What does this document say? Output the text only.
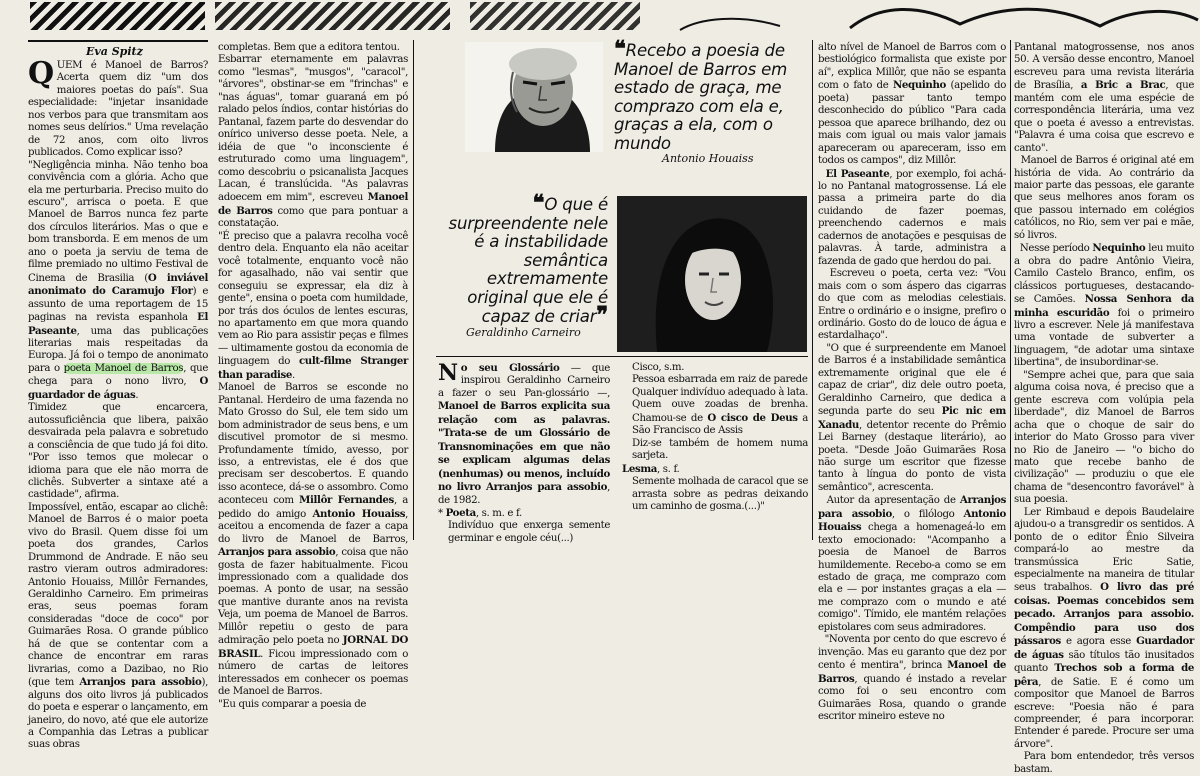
Eva Spitz

QUEM é Manoel de Barros? Acerta quem diz "um dos maiores poetas do país". Sua especialidade: "injetar insanidade nos verbos para que transmitam aos nomes seus delírios." Uma revelação de 72 anos, com oito livros publicados. Como explicar isso?

"Negligência minha. Não tenho boa convivência com a glória. Acho que ela me perturbaria. Preciso muito do escuro", arrisca o poeta. E que Manoel de Barros nunca fez parte dos círculos literários. Mas o que e bom transborda. E em menos de um ano o poeta ja serviu de tema de filme premiado no ultimo Festival de Cinema de Brasilia (O inviável anonimato do Caramujo Flor) e assunto de uma reportagem de 15 paginas na revista espanhola El Paseante, uma das publicações literarias mais respeitadas da Europa. Já foi o tempo de anonimato para o poeta Manoel de Barros, que chega para o nono livro, O guardador de águas.

Timidez que encarcera, autossuficiência que libera, paixão desvairada pela palavra e sobretudo a consciência de que tudo já foi dito. "Por isso temos que molecar o idioma para que ele não morra de clichês. Subverter a sintaxe até a castidade", afirma.

Impossível, então, escapar ao clichê: Manoel de Barros é o maior poeta vivo do Brasil. Quem disse foi um poeta dos grandes, Carlos Drummond de Andrade. E não seu rastro vieram outros admiradores: Antonio Houaiss, Millôr Fernandes, Geraldinho Carneiro. Em primeiras eras, seus poemas foram consideradas "doce de coco" por Guimarães Rosa. O grande público há de que se contentar com a chance de encontrar em raras livrarias, como a Dazibao, no Rio (que tem Arranjos para assobio), alguns dos oito livros já publicados do poeta e esperar o lançamento, em janeiro, do novo, até que ele autorize a Companhia das Letras a publicar suas obras

completas. Bem que a editora tentou.

Esbarrar eternamente em palavras como "lesmas", "musgos", "caracol", "árvores", obstinar-se em "frinchas" e "nas águas", tomar guaraná em pó ralado pelos índios, contar histórias do Pantanal, fazem parte do desvendar do onírico universo desse poeta. Nele, a idéia de que "o inconsciente é estruturado como uma linguagem", como descobriu o psicanalista Jacques Lacan, é translúcida. "As palavras adoecem em mim", escreveu Manoel de Barros como que para pontuar a constatação.

"É preciso que a palavra recolha você dentro dela. Enquanto ela não aceitar você totalmente, enquanto você não for agasalhado, não vai sentir que conseguiu se expressar, ela diz à gente", ensina o poeta com humildade, por trás dos óculos de lentes escuras, no apartamento em que mora quando vem ao Rio para assistir peças e filmes — ultimamente gostou da economia de linguagem do cult-filme Stranger than paradise.

Manoel de Barros se esconde no Pantanal. Herdeiro de uma fazenda no Mato Grosso do Sul, ele tem sido um bom administrador de seus bens, e um discutivel promotor de si mesmo. Profundamente tímido, avesso, por isso, a entrevistas, ele é dos que precisam ser descobertos. E quando isso acontece, dá-se o assombro. Como aconteceu com Millôr Fernandes, a pedido do amigo Antonio Houaiss, aceitou a encomenda de fazer a capa do livro de Manoel de Barros, Arranjos para assobio, coisa que não gosta de fazer habitualmente. Ficou impressionado com a qualidade dos poemas. A ponto de usar, na sessão que mantive durante anos na revista Veja, um poema de Manoel de Barros. Millôr repetiu o gesto de para admiração pelo poeta no JORNAL DO BRASIL. Ficou impressionado com o número de cartas de leitores interessados em conhecer os poemas de Manoel de Barros.

"Eu quis comparar a poesia de

❝Recebo a poesia de Manoel de Barros em estado de graça, me comprazo com ela e, graças a ela, com o mundo
Antonio Houaiss
❝O que é surpreendente nele é a instabilidade semântica extremamente original que ele é capaz de criar❞
Geraldinho Carneiro

No seu Glossário — que inspirou Geraldinho Carneiro a fazer o seu Pan-glossário —, Manoel de Barros explicita sua relação com as palavras. "Trata-se de um Glossário de Transnominações em que não se explicam algumas delas (nenhumas) ou menos, incluído no livro Arranjos para assobio, de 1982.

* Poeta, s. m. e f.

Indivíduo que enxerga semente germinar e engole céu(...)

Cisco, s.m.

Pessoa esbarrada em raiz de parede

Qualquer indivíduo adequado à lata.

Quem ouve zoadas de brenha. Chamou-se de O cisco de Deus a São Francisco de Assis

Diz-se também de homem numa sarjeta.

Lesma, s. f.

Semente molhada de caracol que se arrasta sobre as pedras deixando um caminho de gosma.(...)"

alto nível de Manoel de Barros com o bestiológico formalista que existe por aí", explica Millôr, que não se espanta com o fato de Nequinho (apelido do poeta) passar tanto tempo desconhecido do público "Para cada pessoa que aparece brilhando, dez ou mais com igual ou mais valor jamais apareceram ou apareceram, isso em todos os campos", diz Millôr.

El Paseante, por exemplo, foi achá-lo no Pantanal matogrossense. Lá ele passa a primeira parte do dia cuidando de fazer poemas, preenchendo cadernos e mais cadernos de anotações e pesquisas de palavras. À tarde, administra a fazenda de gado que herdou do pai.

Escreveu o poeta, certa vez: "Vou mais com o som áspero das cigarras do que com as melodias celestiais. Entre o ordinário e o insigne, prefiro o ordinário. Gosto do de louco de água e estardalhaço".

"O que é surpreendente em Manoel de Barros é a instabilidade semântica extremamente original que ele é capaz de criar", diz dele outro poeta, Geraldinho Carneiro, que dedica a segunda parte do seu Pic nic em Xanadu, detentor recente do Prêmio Lei Barney (destaque literário), ao poeta. "Desde João Guimarães Rosa não surge um escritor que fizesse tanto à língua do ponto de vista semântico", acrescenta.

Autor da apresentação de Arranjos para assobio, o filólogo Antonio Houaiss chega a homenageá-lo em texto emocionado: "Acompanho a poesia de Manoel de Barros humildemente. Recebo-a como se em estado de graça, me comprazo com ela e — por instantes graças a ela — me comprazo com o mundo e até comigo". Tímido, ele mantém relações epistolares com seus admiradores.

"Noventa por cento do que escrevo é invenção. Mas eu garanto que dez por cento é mentira", brinca Manoel de Barros, quando é instado a revelar como foi o seu encontro com Guimarães Rosa, quando o grande escritor mineiro esteve no

Pantanal matogrossense, nos anos 50. A versão desse encontro, Manoel escreveu para uma revista literária de Brasília, a Bric a Brac, que mantém com ele uma espécie de correspondência literária, uma vez que o poeta é avesso a entrevistas. "Palavra é uma coisa que escrevo e canto".

Manoel de Barros é original até em história de vida. Ao contrário da maior parte das pessoas, ele garante que seus melhores anos foram os que passou internado em colégios católicos, no Rio, sem ver pai e mãe, só livros.

Nesse período Nequinho leu muito a obra do padre Antônio Vieira, Camilo Castelo Branco, enfim, os clássicos portugueses, destacando-se Camões. Nossa Senhora da minha escuridão foi o primeiro livro a escrever. Nele já manifestava uma vontade de subverter a linguagem, "de adotar uma sintaxe libertina", de insubordinar-se.

"Sempre achei que, para que saia alguma coisa nova, é preciso que a gente escreva com volúpia pela liberdade", diz Manoel de Barros acha que o choque de sair do interior do Mato Grosso para viver no Rio de Janeiro — "o bicho do mato que recebe banho de civilização" — produziu o que ele chama de "desencontro favorável" à sua poesia.

Ler Rimbaud e depois Baudelaire ajudou-o a transgredir os sentidos. A ponto de o editor Ênio Silveira compará-lo ao mestre da transmússica Eric Satie, especialmente na maneira de titular seus trabalhos. O livro das pré coisas. Poemas concebidos sem pecado. Arranjos para assobio. Compêndio para uso dos pássaros e agora esse Guardador de águas são títulos tão inusitados quanto Trechos sob a forma de pêra, de Satie. E é como um compositor que Manoel de Barros escreve: "Poesia não é para compreender, é para incorporar. Entender é parede. Procure ser uma árvore".

Para bom entendedor, três versos bastam.
